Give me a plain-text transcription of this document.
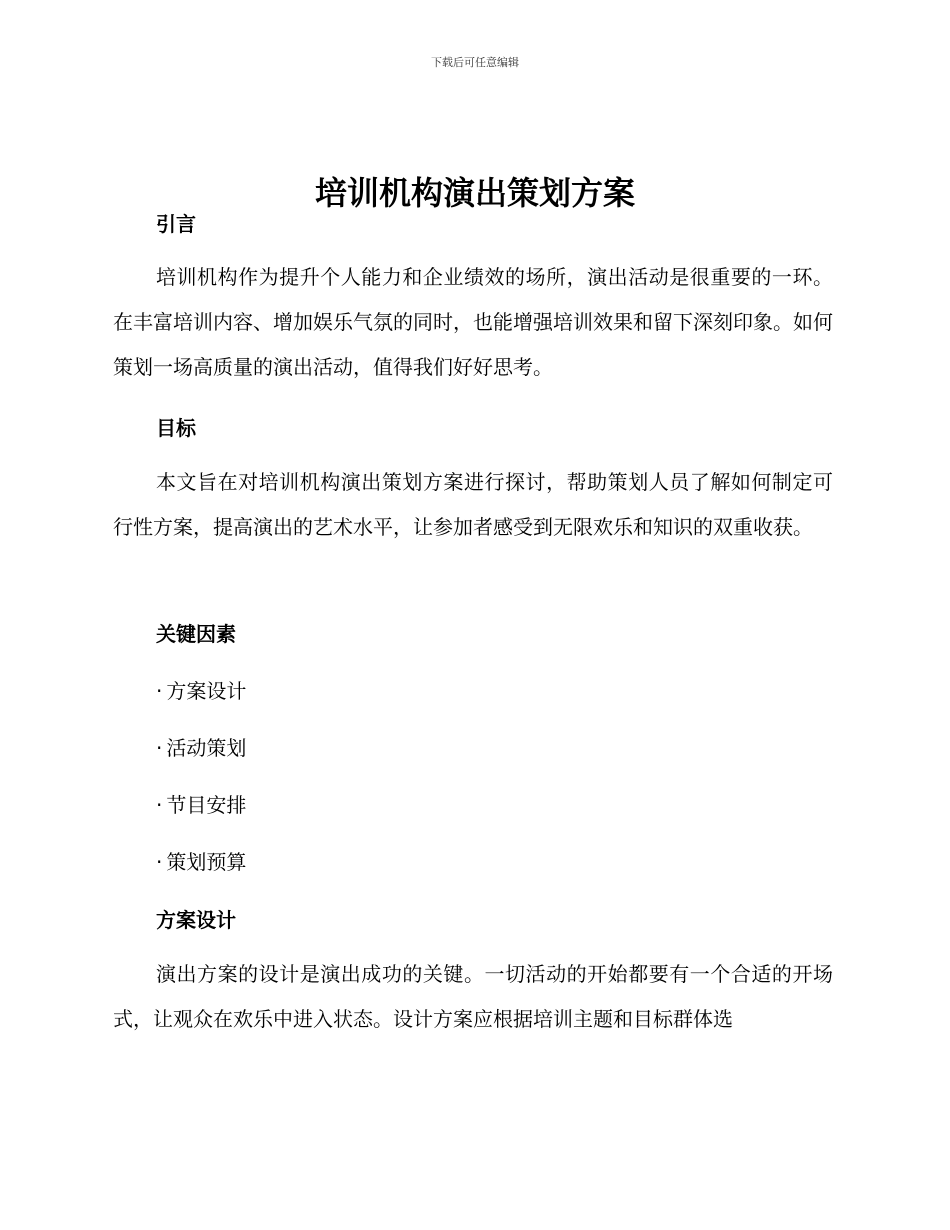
下载后可任意编辑
培训机构演出策划方案
引言

培训机构作为提升个人能力和企业绩效的场所，演出活动是很重要的一环。在丰富培训内容、增加娱乐气氛的同时，也能增强培训效果和留下深刻印象。如何策划一场高质量的演出活动，值得我们好好思考。

目标

本文旨在对培训机构演出策划方案进行探讨，帮助策划人员了解如何制定可行性方案，提高演出的艺术水平，让参加者感受到无限欢乐和知识的双重收获。

关键因素
· 方案设计
· 活动策划
· 节目安排
· 策划预算
方案设计

演出方案的设计是演出成功的关键。一切活动的开始都要有一个合适的开场式，让观众在欢乐中进入状态。设计方案应根据培训主题和目标群体选
